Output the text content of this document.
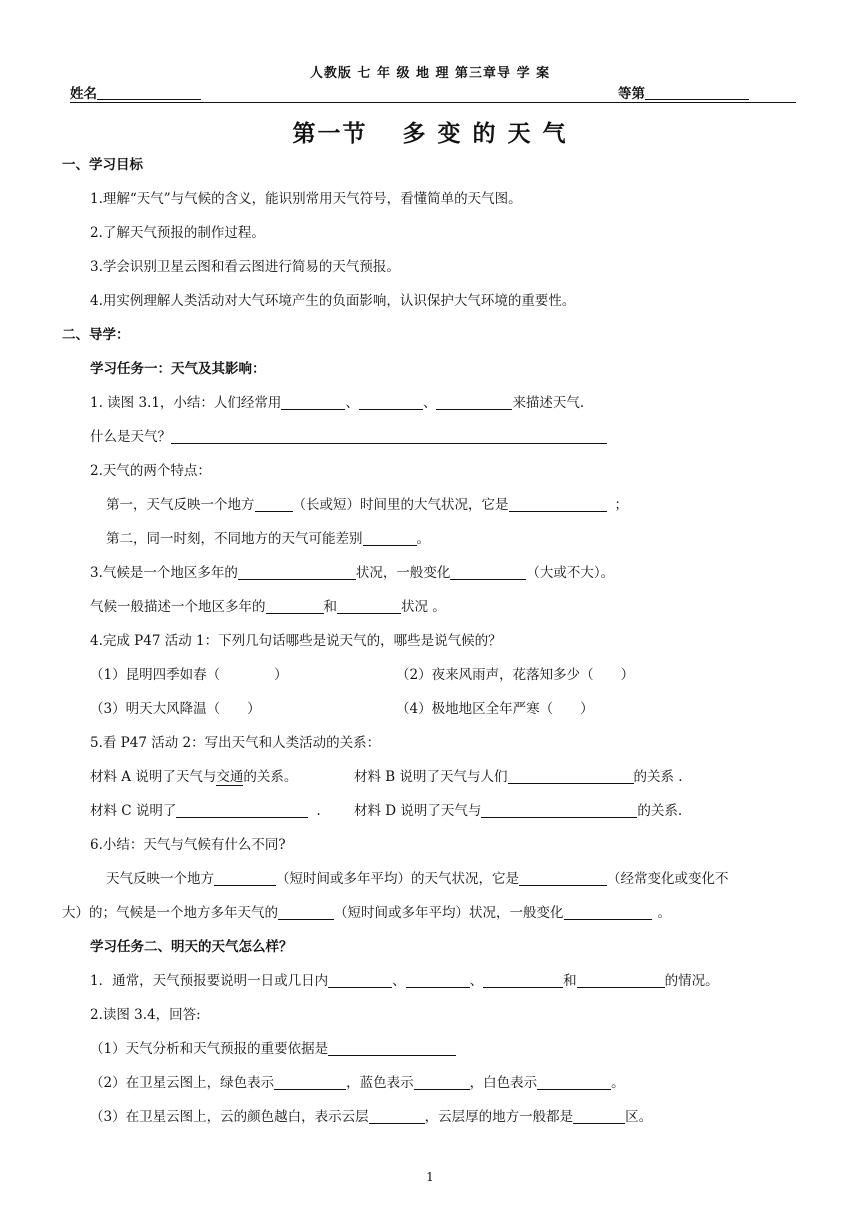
人教版 七 年 级 地 理 第三章导 学 案
姓名	等第
第一节　 多 变 的 天 气
一、学习目标
1.理解“天气”与气候的含义，能识别常用天气符号，看懂简单的天气图。
2.了解天气预报的制作过程。
3.学会识别卫星云图和看云图进行简易的天气预报。
4.用实例理解人类活动对大气环境产生的负面影响，认识保护大气环境的重要性。
二、导学：
学习任务一：天气及其影响：
1. 读图 3.1，小结：人们经常用	、	、	来描述天气.
什么是天气？
2.天气的两个特点：
第一，天气反映一个地方	（长或短）时间里的大气状况，它是	；
第二，同一时刻，不同地方的天气可能差别	。
3.气候是一个地区多年的	状况，一般变化	（大或不大）。
气候一般描述一个地区多年的	和	状况 。
4.完成 P47 活动 1：下列几句话哪些是说天气的，哪些是说气候的？
（1）昆明四季如春（　　　　）	（2）夜来风雨声，花落知多少（　　）
（3）明天大风降温（　　）	（4）极地地区全年严寒（　　）
5.看 P47 活动 2：写出天气和人类活动的关系：
材料 A 说明了天气与交通的关系。	材料 B 说明了天气与人们	的关系 .
材料 C 说明了	. 材料 D 说明了天气与	的关系.
6.小结：天气与气候有什么不同?
天气反映一个地方	（短时间或多年平均）的天气状况，它是	（经常变化或变化不
大）的；气候是一个地方多年天气的	（短时间或多年平均）状况，一般变化	。
学习任务二、明天的天气怎么样？
1．通常，天气预报要说明一日或几日内	、	、	和	的情况。
2.读图 3.4，回答:
（1）天气分析和天气预报的重要依据是
（2）在卫星云图上，绿色表示	，蓝色表示	，白色表示	。
（3）在卫星云图上，云的颜色越白，表示云层	，云层厚的地方一般都是	区。
1
